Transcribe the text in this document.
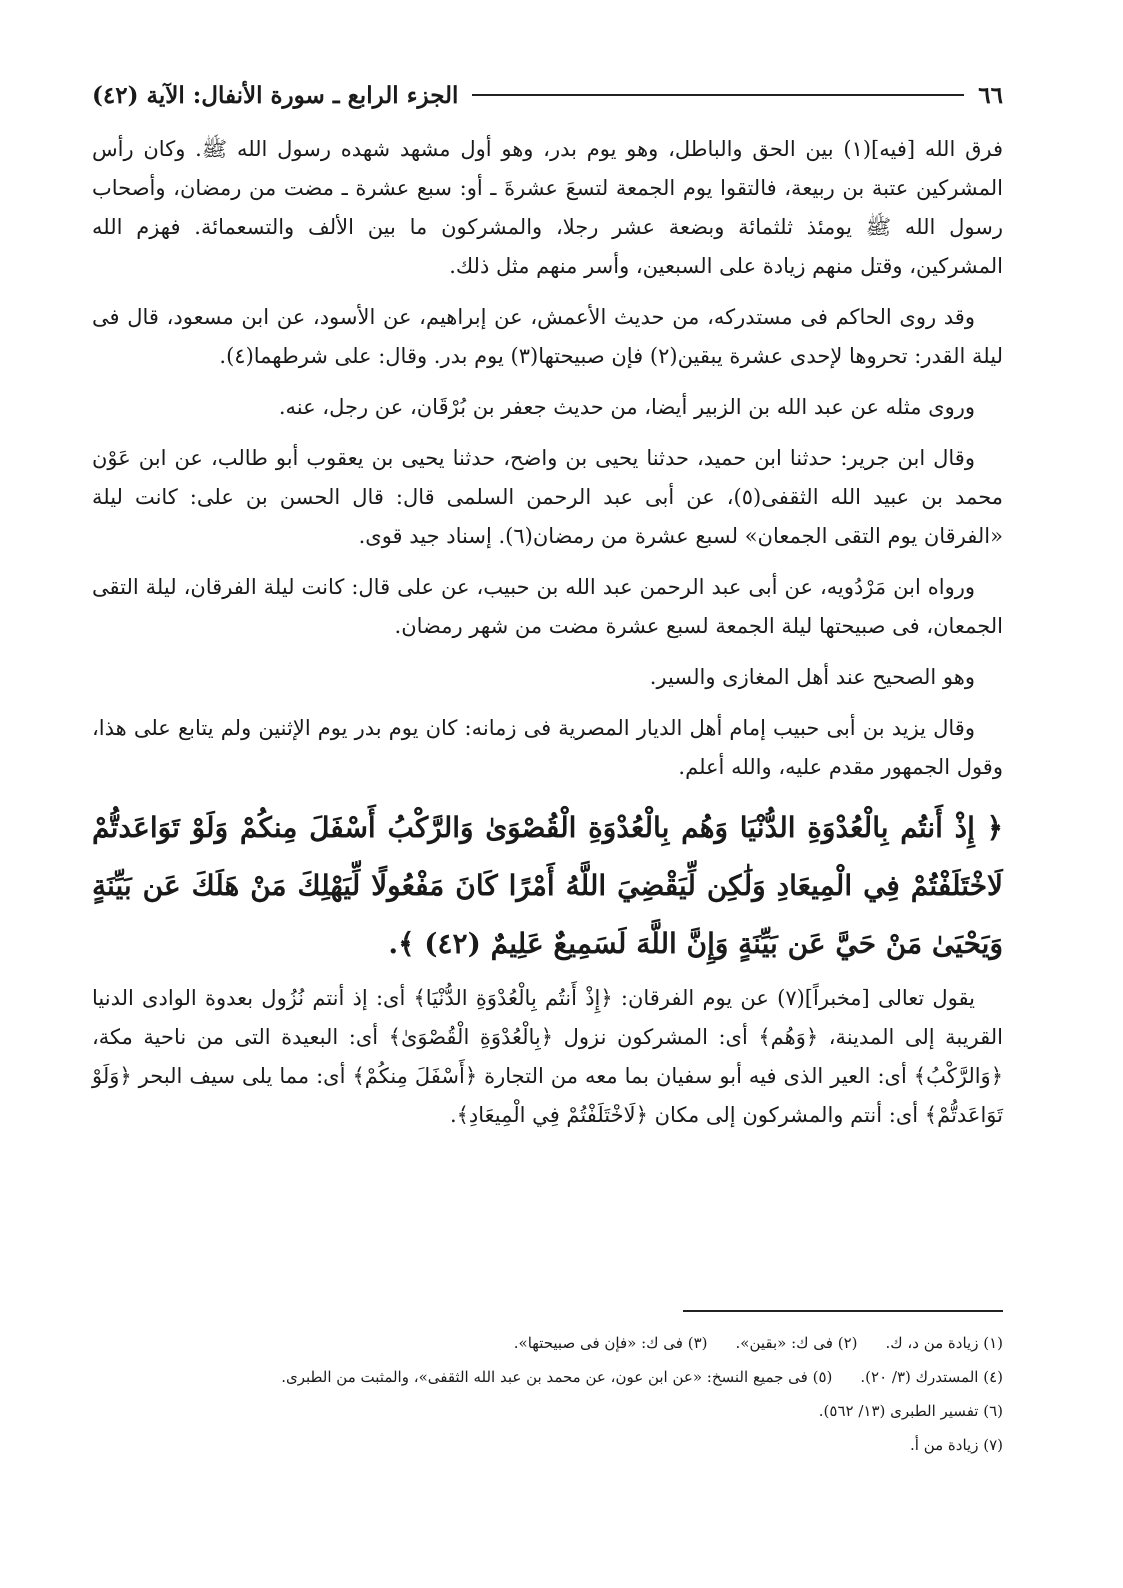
٦٦
الجزء الرابع ـ سورة الأنفال: الآية (٤٢)

فرق الله [فيه](١) بين الحق والباطل، وهو يوم بدر، وهو أول مشهد شهده رسول الله ﷺ. وكان رأس المشركين عتبة بن ربيعة، فالتقوا يوم الجمعة لتسعَ عشرةَ ـ أو: سبع عشرة ـ مضت من رمضان، وأصحاب رسول الله ﷺ يومئذ ثلثمائة وبضعة عشر رجلا، والمشركون ما بين الألف والتسعمائة. فهزم الله المشركين، وقتل منهم زيادة على السبعين، وأسر منهم مثل ذلك.

وقد روى الحاكم فى مستدركه، من حديث الأعمش، عن إبراهيم، عن الأسود، عن ابن مسعود، قال فى ليلة القدر: تحروها لإحدى عشرة يبقين(٢) فإن صبيحتها(٣) يوم بدر. وقال: على شرطهما(٤).

وروى مثله عن عبد الله بن الزبير أيضا، من حديث جعفر بن بُرْقَان، عن رجل، عنه.

وقال ابن جرير: حدثنا ابن حميد، حدثنا يحيى بن واضح، حدثنا يحيى بن يعقوب أبو طالب، عن ابن عَوْن محمد بن عبيد الله الثقفى(٥)، عن أبى عبد الرحمن السلمى قال: قال الحسن بن على: كانت ليلة «الفرقان يوم التقى الجمعان» لسبع عشرة من رمضان(٦). إسناد جيد قوى.

ورواه ابن مَرْدُويه، عن أبى عبد الرحمن عبد الله بن حبيب، عن على قال: كانت ليلة الفرقان، ليلة التقى الجمعان، فى صبيحتها ليلة الجمعة لسبع عشرة مضت من شهر رمضان.

وهو الصحيح عند أهل المغازى والسير.

وقال يزيد بن أبى حبيب إمام أهل الديار المصرية فى زمانه: كان يوم بدر يوم الإثنين ولم يتابع على هذا، وقول الجمهور مقدم عليه، والله أعلم.

﴿ إِذْ أَنتُم بِالْعُدْوَةِ الدُّنْيَا وَهُم بِالْعُدْوَةِ الْقُصْوَىٰ وَالرَّكْبُ أَسْفَلَ مِنكُمْ وَلَوْ تَوَاعَدتُّمْ لَاخْتَلَفْتُمْ فِي الْمِيعَادِ وَلَٰكِن لِّيَقْضِيَ اللَّهُ أَمْرًا كَانَ مَفْعُولًا لِّيَهْلِكَ مَنْ هَلَكَ عَن بَيِّنَةٍ وَيَحْيَىٰ مَنْ حَيَّ عَن بَيِّنَةٍ وَإِنَّ اللَّهَ لَسَمِيعٌ عَلِيمٌ (٤٢) ﴾.

يقول تعالى [مخبراً](٧) عن يوم الفرقان: ﴿إِذْ أَنتُم بِالْعُدْوَةِ الدُّنْيَا﴾ أى: إذ أنتم نُزُول بعدوة الوادى الدنيا القريبة إلى المدينة، ﴿وَهُم﴾ أى: المشركون نزول ﴿بِالْعُدْوَةِ الْقُصْوَىٰ﴾ أى: البعيدة التى من ناحية مكة، ﴿وَالرَّكْبُ﴾ أى: العير الذى فيه أبو سفيان بما معه من التجارة ﴿أَسْفَلَ مِنكُمْ﴾ أى: مما يلى سيف البحر ﴿وَلَوْ تَوَاعَدتُّمْ﴾ أى: أنتم والمشركون إلى مكان ﴿لَاخْتَلَفْتُمْ فِي الْمِيعَادِ﴾.

(١) زيادة من د، ك.
(٢) فى ك: «بقين».
(٣) فى ك: «فإن فى صبيحتها».
(٤) المستدرك (٣/ ٢٠).
(٥) فى جميع النسخ: «عن ابن عون، عن محمد بن عبد الله الثقفى»، والمثبت من الطبرى.
(٦) تفسير الطبرى (١٣/ ٥٦٢).
(٧) زيادة من أ.
